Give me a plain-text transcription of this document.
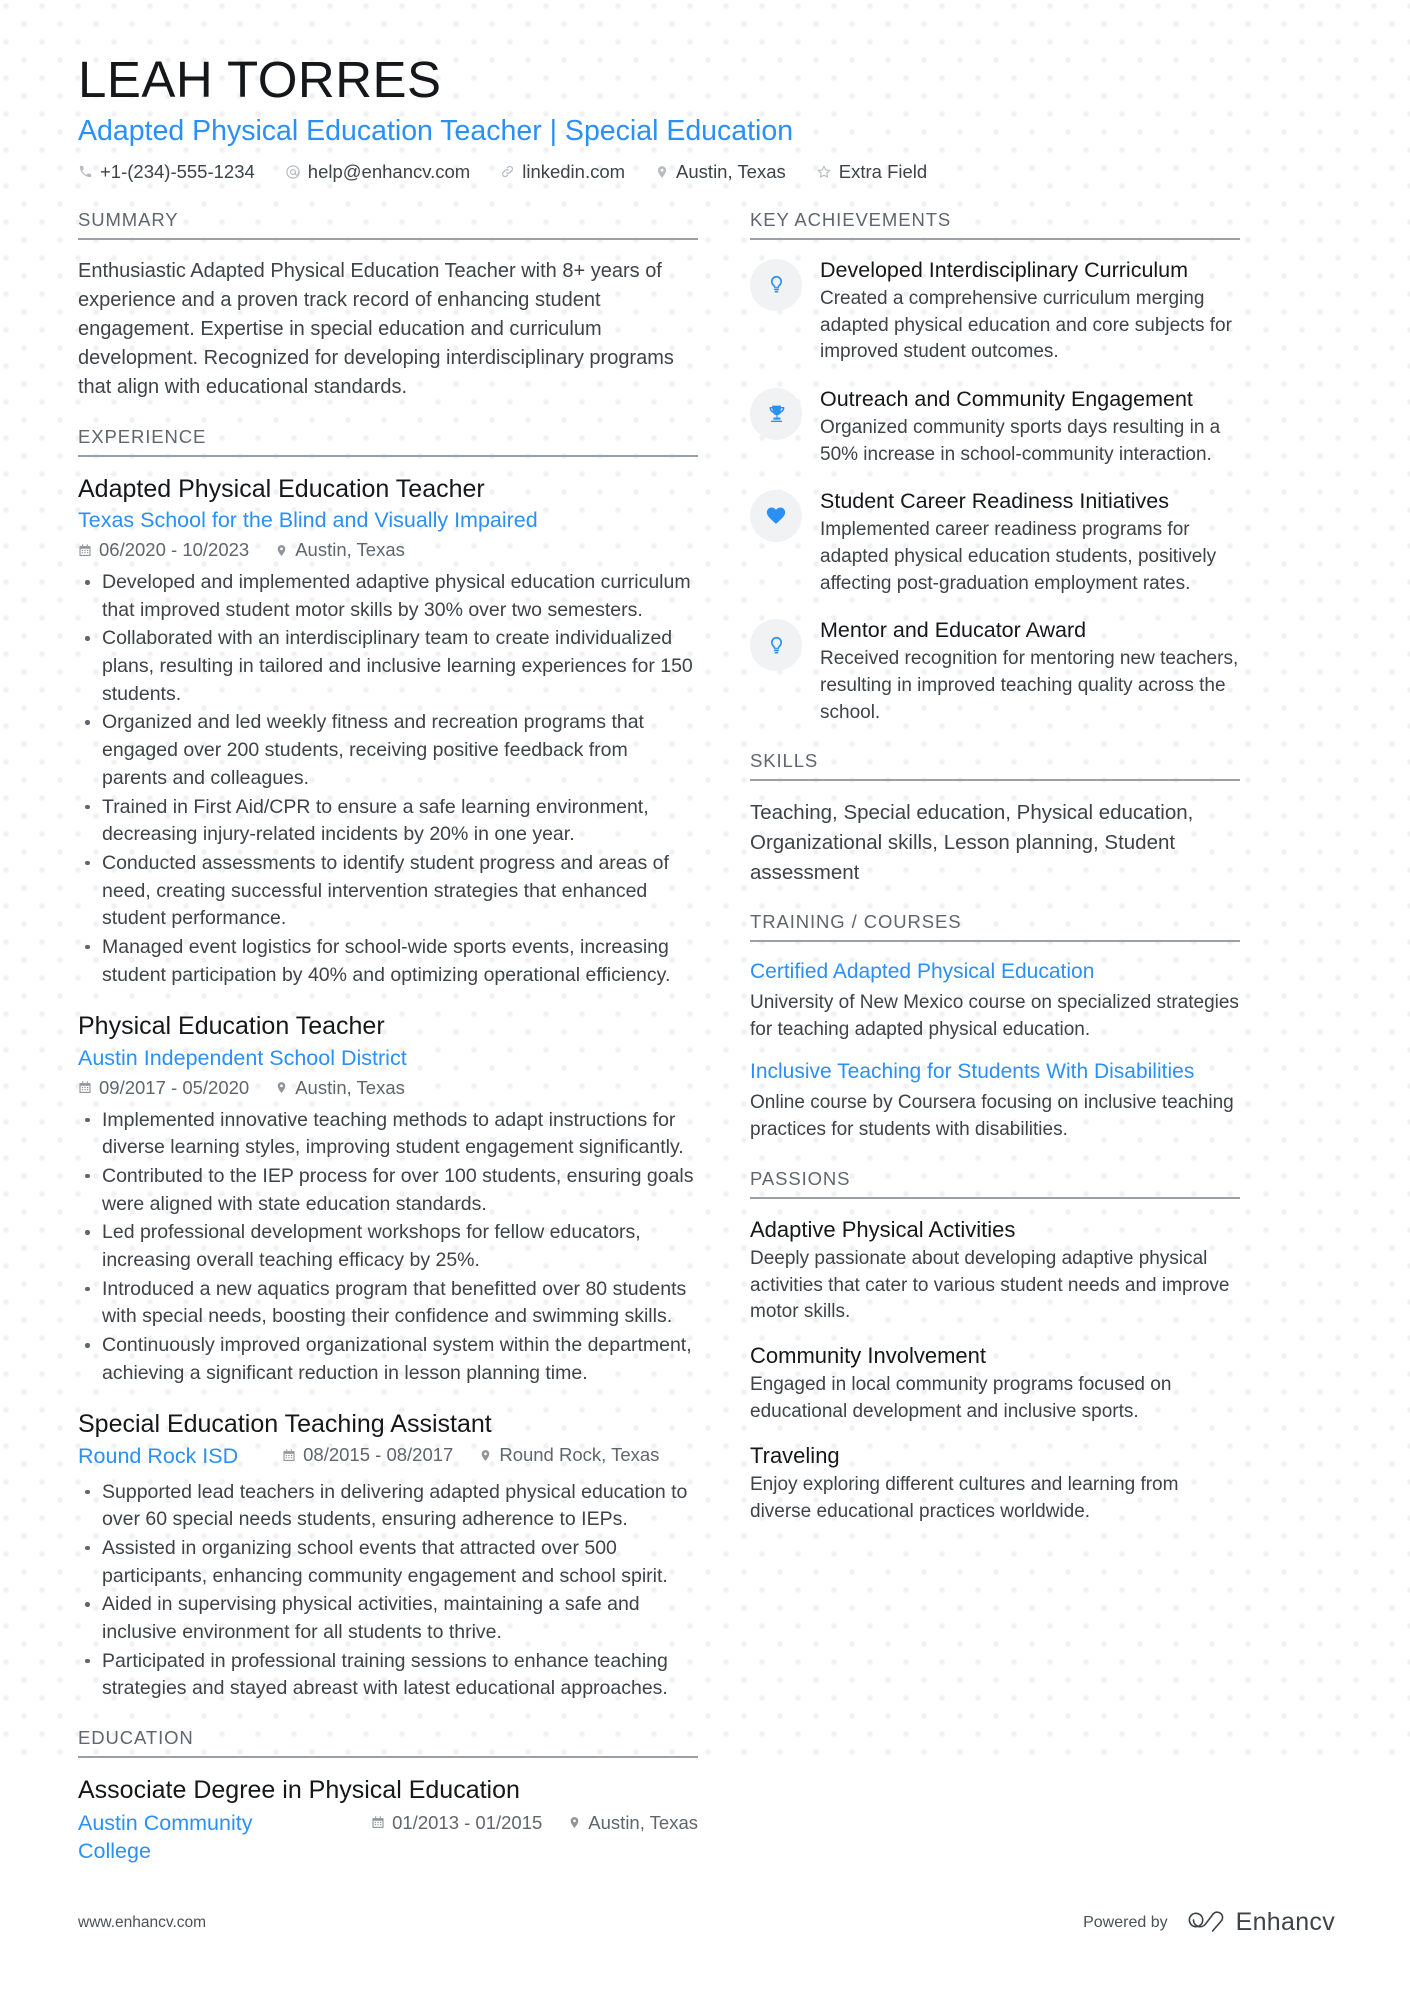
LEAH TORRES
Adapted Physical Education Teacher | Special Education
+1-(234)-555-1234	help@enhancv.com	linkedin.com	Austin, Texas	Extra Field
SUMMARY

Enthusiastic Adapted Physical Education Teacher with 8+ years of experience and a proven track record of enhancing student engagement. Expertise in special education and curriculum development. Recognized for developing interdisciplinary programs that align with educational standards.

EXPERIENCE
Adapted Physical Education Teacher
Texas School for the Blind and Visually Impaired
06/2020 - 10/2023 Austin, Texas
Developed and implemented adaptive physical education curriculum that improved student motor skills by 30% over two semesters.
Collaborated with an interdisciplinary team to create individualized plans, resulting in tailored and inclusive learning experiences for 150 students.
Organized and led weekly fitness and recreation programs that engaged over 200 students, receiving positive feedback from parents and colleagues.
Trained in First Aid/CPR to ensure a safe learning environment, decreasing injury-related incidents by 20% in one year.
Conducted assessments to identify student progress and areas of need, creating successful intervention strategies that enhanced student performance.
Managed event logistics for school-wide sports events, increasing student participation by 40% and optimizing operational efficiency.
Physical Education Teacher
Austin Independent School District
09/2017 - 05/2020 Austin, Texas
Implemented innovative teaching methods to adapt instructions for diverse learning styles, improving student engagement significantly.
Contributed to the IEP process for over 100 students, ensuring goals were aligned with state education standards.
Led professional development workshops for fellow educators, increasing overall teaching efficacy by 25%.
Introduced a new aquatics program that benefitted over 80 students with special needs, boosting their confidence and swimming skills.
Continuously improved organizational system within the department, achieving a significant reduction in lesson planning time.
Special Education Teaching Assistant
Round Rock ISD	08/2015 - 08/2017 Round Rock, Texas
Supported lead teachers in delivering adapted physical education to over 60 special needs students, ensuring adherence to IEPs.
Assisted in organizing school events that attracted over 500 participants, enhancing community engagement and school spirit.
Aided in supervising physical activities, maintaining a safe and inclusive environment for all students to thrive.
Participated in professional training sessions to enhance teaching strategies and stayed abreast with latest educational approaches.
EDUCATION
Associate Degree in Physical Education
Austin Community College
01/2013 - 01/2015 Austin, Texas
KEY ACHIEVEMENTS
Developed Interdisciplinary Curriculum
Created a comprehensive curriculum merging adapted physical education and core subjects for improved student outcomes.
Outreach and Community Engagement
Organized community sports days resulting in a 50% increase in school-community interaction.
Student Career Readiness Initiatives
Implemented career readiness programs for adapted physical education students, positively affecting post-graduation employment rates.
Mentor and Educator Award
Received recognition for mentoring new teachers, resulting in improved teaching quality across the school.
SKILLS
Teaching, Special education, Physical education, Organizational skills, Lesson planning, Student assessment
TRAINING / COURSES
Certified Adapted Physical Education
University of New Mexico course on specialized strategies for teaching adapted physical education.
Inclusive Teaching for Students With Disabilities
Online course by Coursera focusing on inclusive teaching practices for students with disabilities.
PASSIONS
Adaptive Physical Activities
Deeply passionate about developing adaptive physical activities that cater to various student needs and improve motor skills.
Community Involvement
Engaged in local community programs focused on educational development and inclusive sports.
Traveling
Enjoy exploring different cultures and learning from diverse educational practices worldwide.
www.enhancv.com	Powered by	Enhancv
